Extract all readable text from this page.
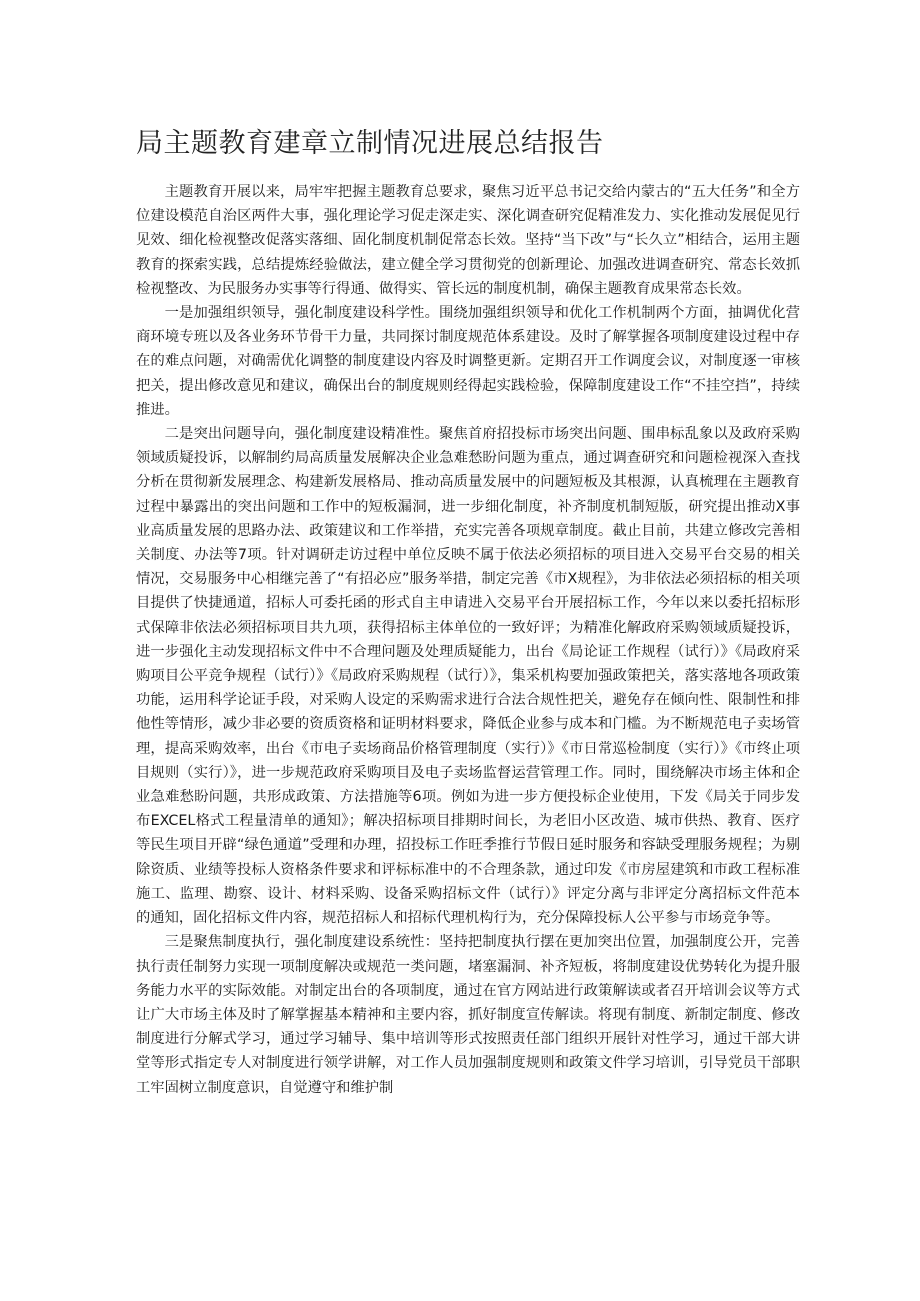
局主题教育建章立制情况进展总结报告

主题教育开展以来，局牢牢把握主题教育总要求，聚焦习近平总书记交给内蒙古的“五大任务”和全方位建设模范自治区两件大事，强化理论学习促走深走实、深化调查研究促精准发力、实化推动发展促见行见效、细化检视整改促落实落细、固化制度机制促常态长效。坚持“当下改”与“长久立”相结合，运用主题教育的探索实践，总结提炼经验做法，建立健全学习贯彻党的创新理论、加强改进调查研究、常态长效抓检视整改、为民服务办实事等行得通、做得实、管长远的制度机制，确保主题教育成果常态长效。

一是加强组织领导，强化制度建设科学性。围绕加强组织领导和优化工作机制两个方面，抽调优化营商环境专班以及各业务环节骨干力量，共同探讨制度规范体系建设。及时了解掌握各项制度建设过程中存在的难点问题，对确需优化调整的制度建设内容及时调整更新。定期召开工作调度会议，对制度逐一审核把关，提出修改意见和建议，确保出台的制度规则经得起实践检验，保障制度建设工作“不挂空挡”，持续推进。

二是突出问题导向，强化制度建设精准性。聚焦首府招投标市场突出问题、围串标乱象以及政府采购领域质疑投诉，以解制约局高质量发展解决企业急难愁盼问题为重点，通过调查研究和问题检视深入查找分析在贯彻新发展理念、构建新发展格局、推动高质量发展中的问题短板及其根源，认真梳理在主题教育过程中暴露出的突出问题和工作中的短板漏洞，进一步细化制度，补齐制度机制短版，研究提出推动X事业高质量发展的思路办法、政策建议和工作举措，充实完善各项规章制度。截止目前，共建立修改完善相关制度、办法等7项。针对调研走访过程中单位反映不属于依法必须招标的项目进入交易平台交易的相关情况，交易服务中心相继完善了“有招必应”服务举措，制定完善《市X规程》，为非依法必须招标的相关项目提供了快捷通道，招标人可委托函的形式自主申请进入交易平台开展招标工作，今年以来以委托招标形式保障非依法必须招标项目共九项，获得招标主体单位的一致好评；为精准化解政府采购领域质疑投诉，进一步强化主动发现招标文件中不合理问题及处理质疑能力，出台《局论证工作规程（试行）》《局政府采购项目公平竞争规程（试行）》《局政府采购规程（试行）》，集采机构要加强政策把关，落实落地各项政策功能，运用科学论证手段，对采购人设定的采购需求进行合法合规性把关，避免存在倾向性、限制性和排他性等情形，减少非必要的资质资格和证明材料要求，降低企业参与成本和门槛。为不断规范电子卖场管理，提高采购效率，出台《市电子卖场商品价格管理制度（实行）》《市日常巡检制度（实行）》《市终止项目规则（实行）》，进一步规范政府采购项目及电子卖场监督运营管理工作。同时，围绕解决市场主体和企业急难愁盼问题，共形成政策、方法措施等6项。例如为进一步方便投标企业使用，下发《局关于同步发布EXCEL格式工程量清单的通知》；解决招标项目排期时间长，为老旧小区改造、城市供热、教育、医疗等民生项目开辟“绿色通道”受理和办理，招投标工作旺季推行节假日延时服务和容缺受理服务规程；为剔除资质、业绩等投标人资格条件要求和评标标准中的不合理条款，通过印发《市房屋建筑和市政工程标准施工、监理、勘察、设计、材料采购、设备采购招标文件（试行）》评定分离与非评定分离招标文件范本的通知，固化招标文件内容，规范招标人和招标代理机构行为，充分保障投标人公平参与市场竞争等。

三是聚焦制度执行，强化制度建设系统性：坚持把制度执行摆在更加突出位置，加强制度公开，完善执行责任制努力实现一项制度解决或规范一类问题，堵塞漏洞、补齐短板，将制度建设优势转化为提升服务能力水平的实际效能。对制定出台的各项制度，通过在官方网站进行政策解读或者召开培训会议等方式让广大市场主体及时了解掌握基本精神和主要内容，抓好制度宣传解读。将现有制度、新制定制度、修改制度进行分解式学习，通过学习辅导、集中培训等形式按照责任部门组织开展针对性学习，通过干部大讲堂等形式指定专人对制度进行领学讲解，对工作人员加强制度规则和政策文件学习培训，引导党员干部职工牢固树立制度意识，自觉遵守和维护制
